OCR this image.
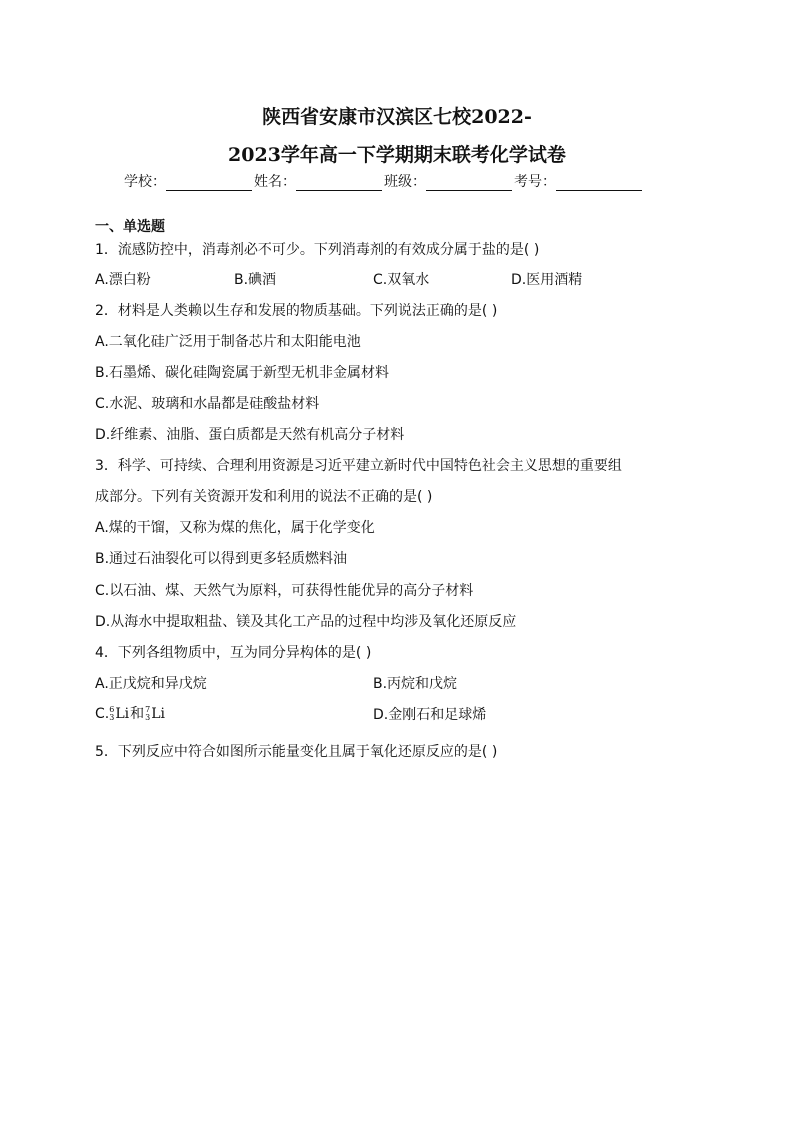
陕西省安康市汉滨区七校2022-
2023学年高一下学期期末联考化学试卷
学校：	姓名：	班级：	考号：
一、单选题
1．流感防控中，消毒剂必不可少。下列消毒剂的有效成分属于盐的是( )
A.漂白粉	B.碘酒	C.双氧水	D.医用酒精
2．材料是人类赖以生存和发展的物质基础。下列说法正确的是( )
A.二氧化硅广泛用于制备芯片和太阳能电池
B.石墨烯、碳化硅陶瓷属于新型无机非金属材料
C.水泥、玻璃和水晶都是硅酸盐材料
D.纤维素、油脂、蛋白质都是天然有机高分子材料
3．科学、可持续、合理利用资源是习近平建立新时代中国特色社会主义思想的重要组
成部分。下列有关资源开发和利用的说法不正确的是( )
A.煤的干馏，又称为煤的焦化，属于化学变化
B.通过石油裂化可以得到更多轻质燃料油
C.以石油、煤、天然气为原料，可获得性能优异的高分子材料
D.从海水中提取粗盐、镁及其化工产品的过程中均涉及氧化还原反应
4．下列各组物质中，互为同分异构体的是( )
A.正戊烷和异戊烷	B.丙烷和戊烷
C. 6
3 Li 和 7
3 Li	D.金刚石和足球烯
5．下列反应中符合如图所示能量变化且属于氧化还原反应的是( )
